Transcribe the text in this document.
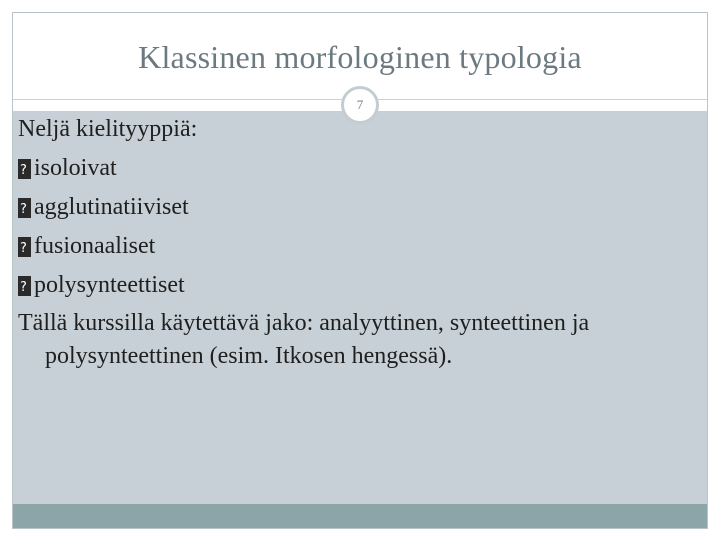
Klassinen morfologinen typologia
7
Neljä kielityyppiä:
?
isoloivat
?
agglutinatiiviset
?
fusionaaliset
?
polysynteettiset
Tällä kurssilla käytettävä jako: analyyttinen, synteettinen ja polysynteettinen (esim. Itkosen hengessä).
